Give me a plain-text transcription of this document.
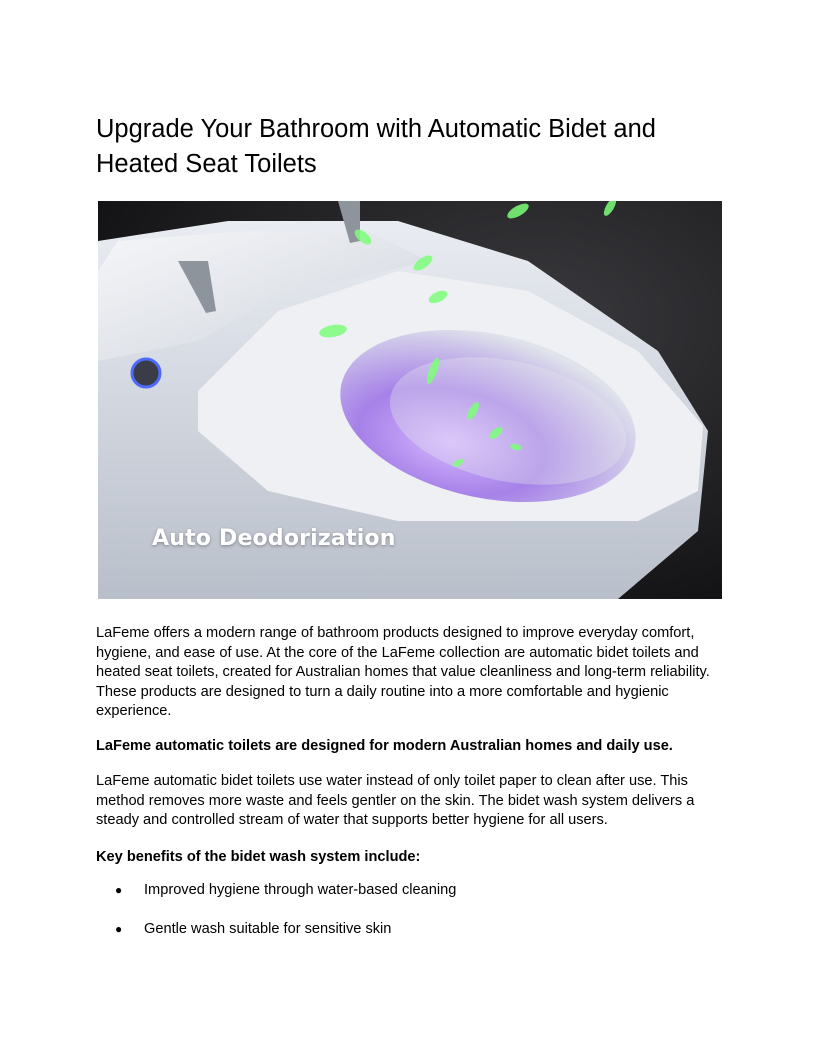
Upgrade Your Bathroom with Automatic Bidet and Heated Seat Toilets
Auto Deodorization

LaFeme offers a modern range of bathroom products designed to improve everyday comfort, hygiene, and ease of use. At the core of the LaFeme collection are automatic bidet toilets and heated seat toilets, created for Australian homes that value cleanliness and long-term reliability. These products are designed to turn a daily routine into a more comfortable and hygienic experience.

LaFeme automatic toilets are designed for modern Australian homes and daily use.

LaFeme automatic bidet toilets use water instead of only toilet paper to clean after use. This method removes more waste and feels gentler on the skin. The bidet wash system delivers a steady and controlled stream of water that supports better hygiene for all users.

Key benefits of the bidet wash system include:

● Improved hygiene through water-based cleaning
● Gentle wash suitable for sensitive skin
